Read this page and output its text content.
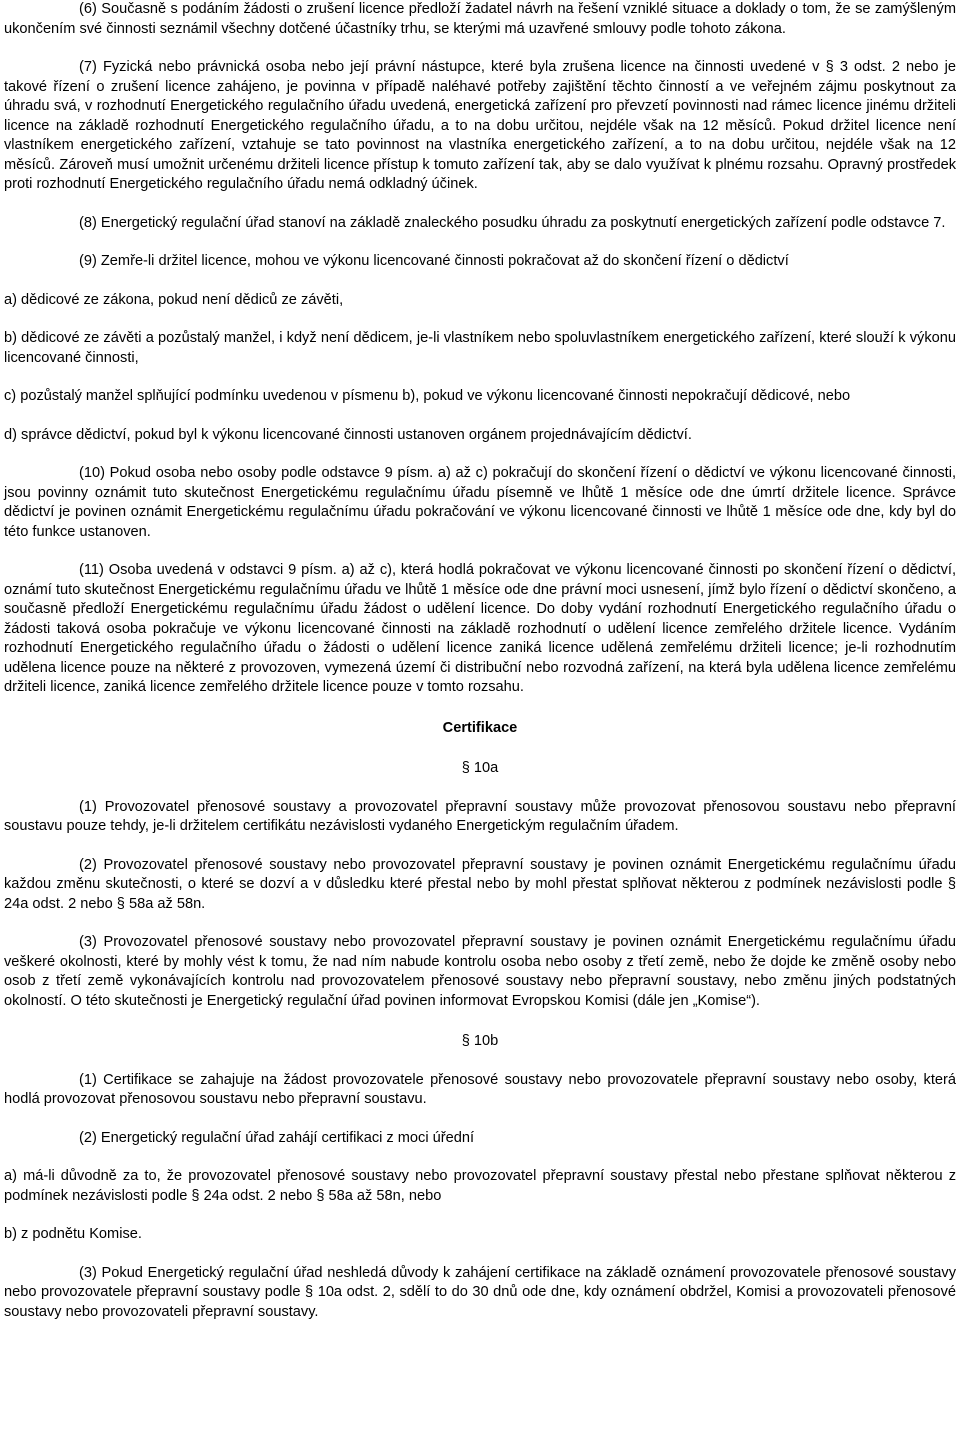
(6) Současně s podáním žádosti o zrušení licence předloží žadatel návrh na řešení vzniklé situace a doklady o tom, že se zamýšleným ukončením své činnosti seznámil všechny dotčené účastníky trhu, se kterými má uzavřené smlouvy podle tohoto zákona.

(7) Fyzická nebo právnická osoba nebo její právní nástupce, které byla zrušena licence na činnosti uvedené v § 3 odst. 2 nebo je takové řízení o zrušení licence zahájeno, je povinna v případě naléhavé potřeby zajištění těchto činností a ve veřejném zájmu poskytnout za úhradu svá, v rozhodnutí Energetického regulačního úřadu uvedená, energetická zařízení pro převzetí povinnosti nad rámec licence jinému držiteli licence na základě rozhodnutí Energetického regulačního úřadu, a to na dobu určitou, nejdéle však na 12 měsíců. Pokud držitel licence není vlastníkem energetického zařízení, vztahuje se tato povinnost na vlastníka energetického zařízení, a to na dobu určitou, nejdéle však na 12 měsíců. Zároveň musí umožnit určenému držiteli licence přístup k tomuto zařízení tak, aby se dalo využívat k plnému rozsahu. Opravný prostředek proti rozhodnutí Energetického regulačního úřadu nemá odkladný účinek.

(8) Energetický regulační úřad stanoví na základě znaleckého posudku úhradu za poskytnutí energetických zařízení podle odstavce 7.

(9) Zemře-li držitel licence, mohou ve výkonu licencované činnosti pokračovat až do skončení řízení o dědictví

a) dědicové ze zákona, pokud není dědiců ze závěti,

b) dědicové ze závěti a pozůstalý manžel, i když není dědicem, je-li vlastníkem nebo spoluvlastníkem energetického zařízení, které slouží k výkonu licencované činnosti,

c) pozůstalý manžel splňující podmínku uvedenou v písmenu b), pokud ve výkonu licencované činnosti nepokračují dědicové, nebo

d) správce dědictví, pokud byl k výkonu licencované činnosti ustanoven orgánem projednávajícím dědictví.

(10) Pokud osoba nebo osoby podle odstavce 9 písm. a) až c) pokračují do skončení řízení o dědictví ve výkonu licencované činnosti, jsou povinny oznámit tuto skutečnost Energetickému regulačnímu úřadu písemně ve lhůtě 1 měsíce ode dne úmrtí držitele licence. Správce dědictví je povinen oznámit Energetickému regulačnímu úřadu pokračování ve výkonu licencované činnosti ve lhůtě 1 měsíce ode dne, kdy byl do této funkce ustanoven.

(11) Osoba uvedená v odstavci 9 písm. a) až c), která hodlá pokračovat ve výkonu licencované činnosti po skončení řízení o dědictví, oznámí tuto skutečnost Energetickému regulačnímu úřadu ve lhůtě 1 měsíce ode dne právní moci usnesení, jímž bylo řízení o dědictví skončeno, a současně předloží Energetickému regulačnímu úřadu žádost o udělení licence. Do doby vydání rozhodnutí Energetického regulačního úřadu o žádosti taková osoba pokračuje ve výkonu licencované činnosti na základě rozhodnutí o udělení licence zemřelého držitele licence. Vydáním rozhodnutí Energetického regulačního úřadu o žádosti o udělení licence zaniká licence udělená zemřelému držiteli licence; je-li rozhodnutím udělena licence pouze na některé z provozoven, vymezená území či distribuční nebo rozvodná zařízení, na která byla udělena licence zemřelému držiteli licence, zaniká licence zemřelého držitele licence pouze v tomto rozsahu.

Certifikace

§ 10a

(1) Provozovatel přenosové soustavy a provozovatel přepravní soustavy může provozovat přenosovou soustavu nebo přepravní soustavu pouze tehdy, je-li držitelem certifikátu nezávislosti vydaného Energetickým regulačním úřadem.

(2) Provozovatel přenosové soustavy nebo provozovatel přepravní soustavy je povinen oznámit Energetickému regulačnímu úřadu každou změnu skutečnosti, o které se dozví a v důsledku které přestal nebo by mohl přestat splňovat některou z podmínek nezávislosti podle § 24a odst. 2 nebo § 58a až 58n.

(3) Provozovatel přenosové soustavy nebo provozovatel přepravní soustavy je povinen oznámit Energetickému regulačnímu úřadu veškeré okolnosti, které by mohly vést k tomu, že nad ním nabude kontrolu osoba nebo osoby z třetí země, nebo že dojde ke změně osoby nebo osob z třetí země vykonávajících kontrolu nad provozovatelem přenosové soustavy nebo přepravní soustavy, nebo změnu jiných podstatných okolností. O této skutečnosti je Energetický regulační úřad povinen informovat Evropskou Komisi (dále jen „Komise“).

§ 10b

(1) Certifikace se zahajuje na žádost provozovatele přenosové soustavy nebo provozovatele přepravní soustavy nebo osoby, která hodlá provozovat přenosovou soustavu nebo přepravní soustavu.

(2) Energetický regulační úřad zahájí certifikaci z moci úřední

a) má-li důvodně za to, že provozovatel přenosové soustavy nebo provozovatel přepravní soustavy přestal nebo přestane splňovat některou z podmínek nezávislosti podle § 24a odst. 2 nebo § 58a až 58n, nebo

b) z podnětu Komise.

(3) Pokud Energetický regulační úřad neshledá důvody k zahájení certifikace na základě oznámení provozovatele přenosové soustavy nebo provozovatele přepravní soustavy podle § 10a odst. 2, sdělí to do 30 dnů ode dne, kdy oznámení obdržel, Komisi a provozovateli přenosové soustavy nebo provozovateli přepravní soustavy.
